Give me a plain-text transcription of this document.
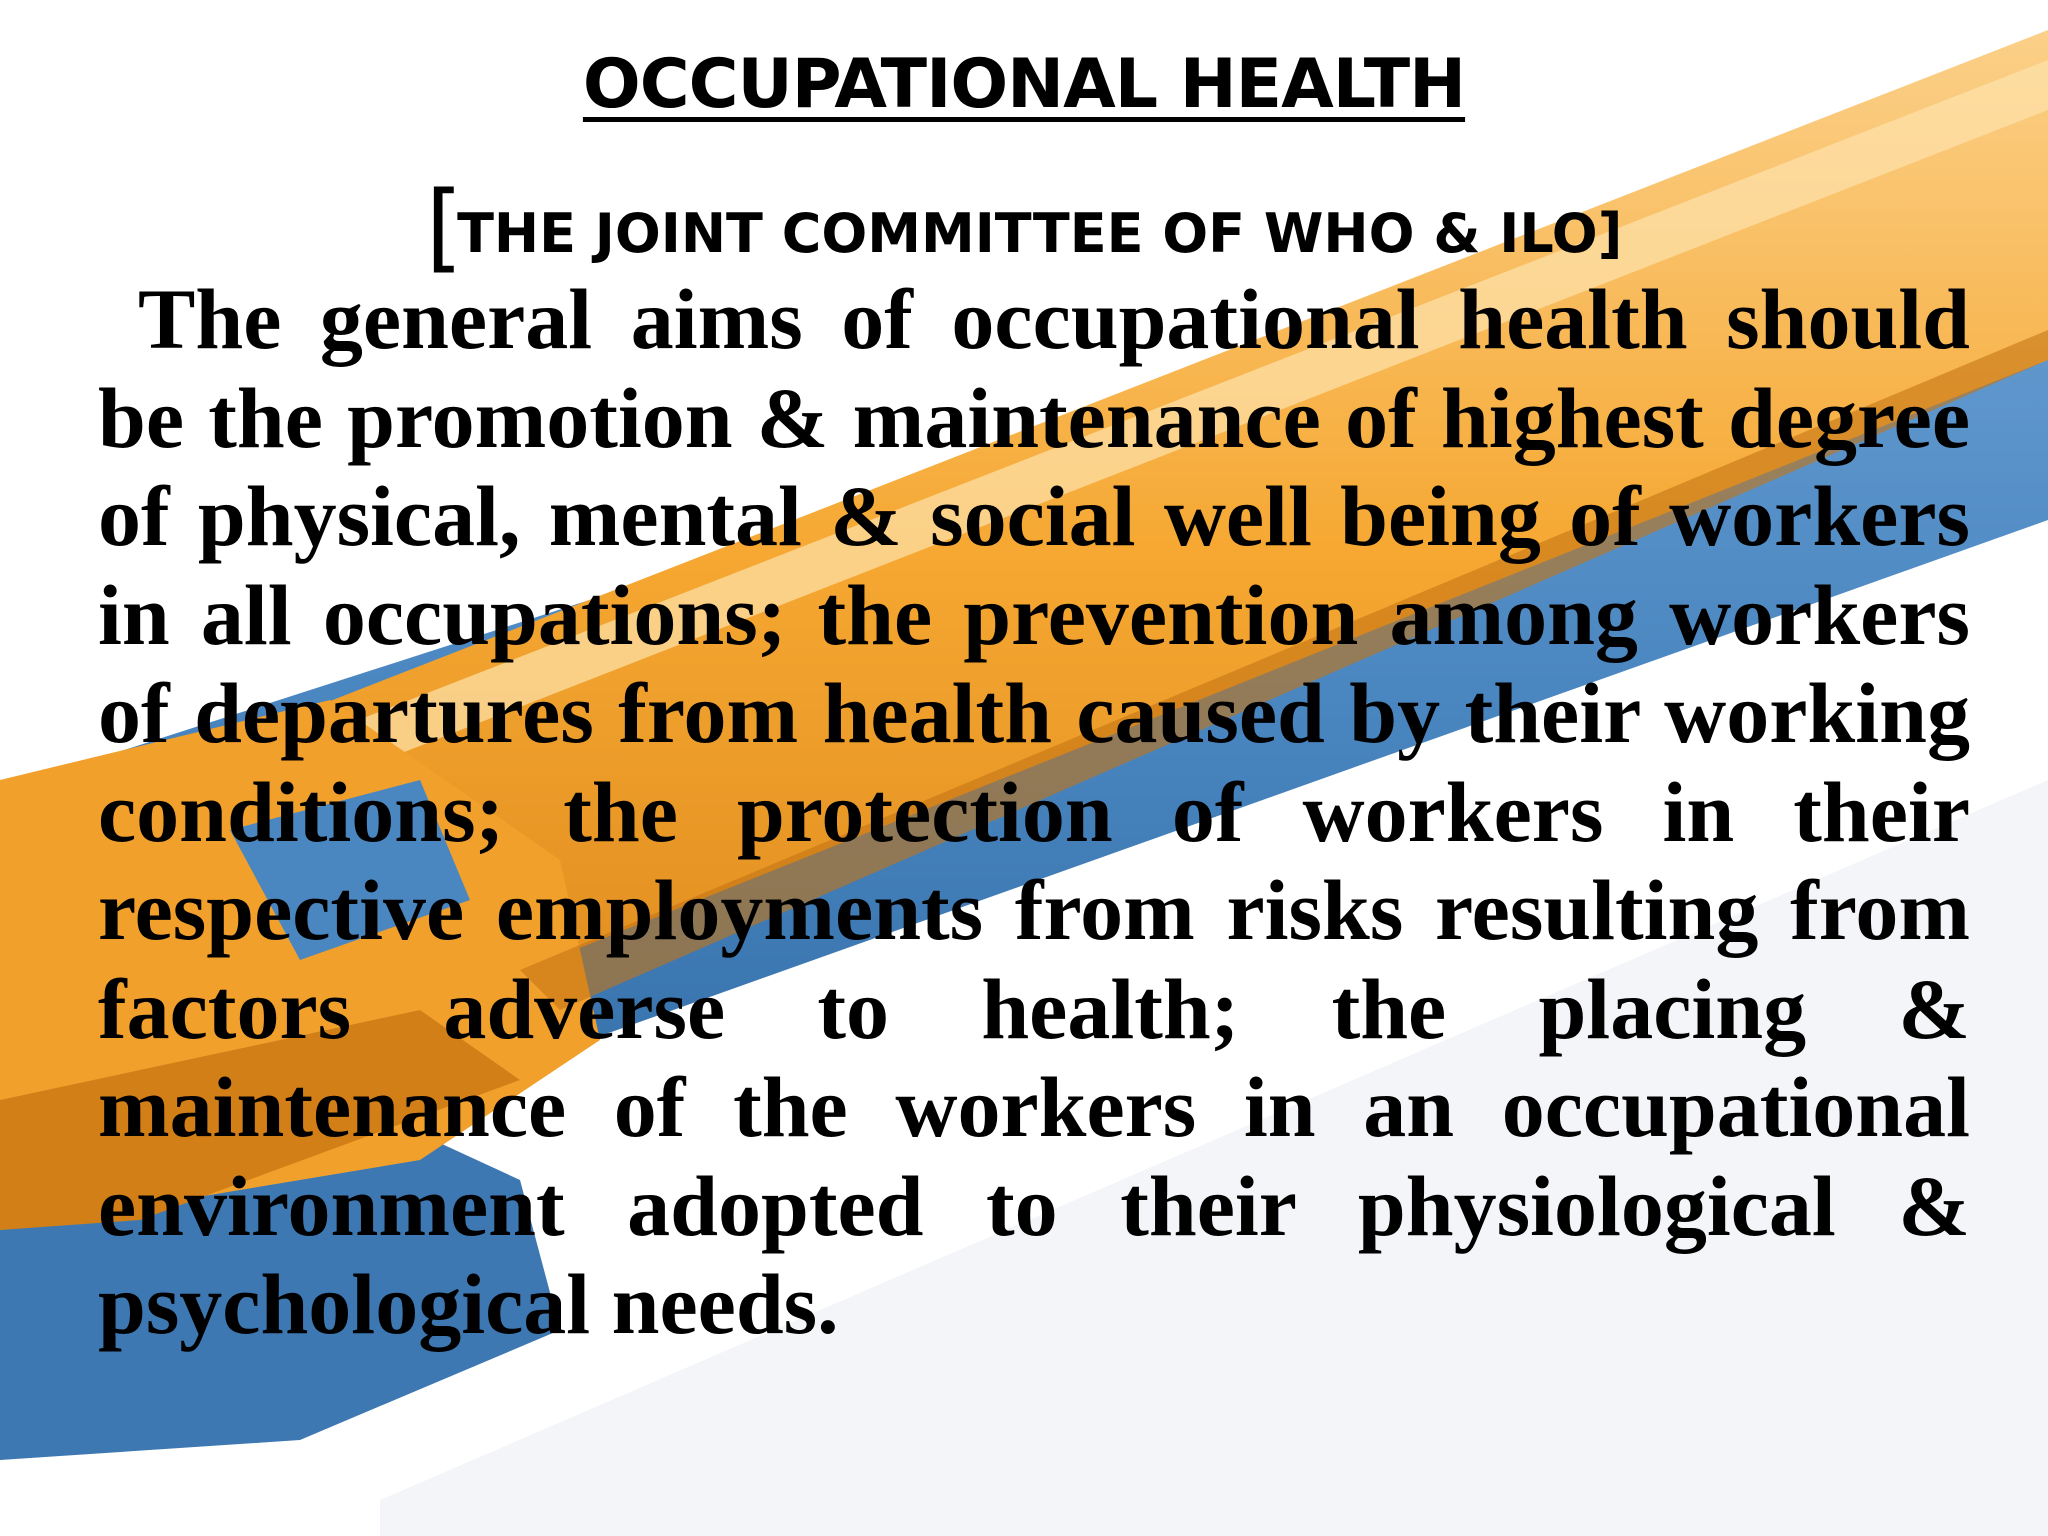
OCCUPATIONAL HEALTH
[THE JOINT COMMITTEE OF WHO & ILO]

The general aims of occupational health should be the promotion & maintenance of highest degree of physical, mental & social well being of workers in all occupations; the prevention among workers of departures from health caused by their working conditions; the protection of workers in their respective employments from risks resulting from factors adverse to health; the placing & maintenance of the workers in an occupational environment adopted to their physiological & psychological needs.
